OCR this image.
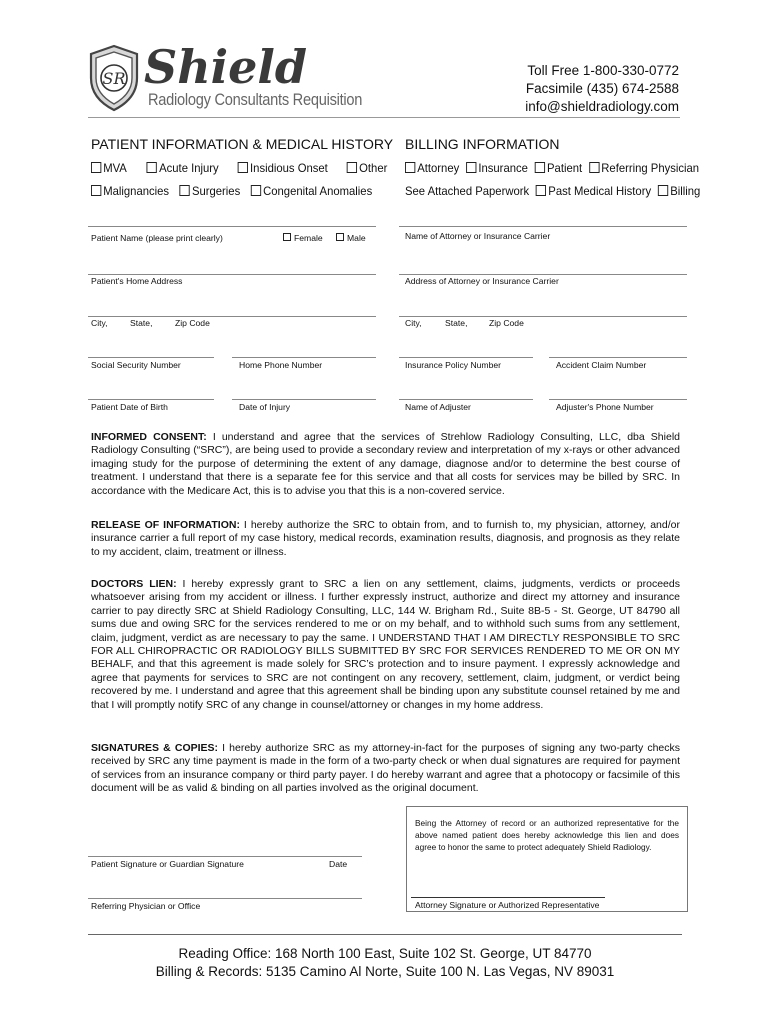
SR Shield
Radiology Consultants Requisition
Toll Free 1-800-330-0772
Facsimile (435) 674-2588
info@shieldradiology.com
PATIENT INFORMATION & MEDICAL HISTORY BILLING INFORMATION
MVA	Acute Injury	Insidious Onset	Other
Malignancies Surgeries Congenital Anomalies
Attorney Insurance Patient Referring Physician
See Attached Paperwork Past Medical History Billing
Patient Name (please print clearly)	Female	Male
Patient's Home Address
City,	State,	Zip Code
Social Security Number	Home Phone Number
Patient Date of Birth	Date of Injury
Name of Attorney or Insurance Carrier
Address of Attorney or Insurance Carrier
City,	State,	Zip Code
Insurance Policy Number	Accident Claim Number
Name of Adjuster	Adjuster's Phone Number
INFORMED CONSENT: I understand and agree that the services of Strehlow Radiology Consulting, LLC, dba Shield Radiology Consulting (“SRC”), are being used to provide a secondary review and interpretation of my x-rays or other advanced imaging study for the purpose of determining the extent of any damage, diagnose and/or to determine the best course of treatment. I understand that there is a separate fee for this service and that all costs for services may be billed by SRC. In accordance with the Medicare Act, this is to advise you that this is a non-covered service.
RELEASE OF INFORMATION: I hereby authorize the SRC to obtain from, and to furnish to, my physician, attorney, and/or insurance carrier a full report of my case history, medical records, examination results, diagnosis, and prognosis as they relate to my accident, claim, treatment or illness.
DOCTORS LIEN: I hereby expressly grant to SRC a lien on any settlement, claims, judgments, verdicts or proceeds whatsoever arising from my accident or illness. I further expressly instruct, authorize and direct my attorney and insurance carrier to pay directly SRC at Shield Radiology Consulting, LLC, 144 W. Brigham Rd., Suite 8B-5 - St. George, UT 84790 all sums due and owing SRC for the services rendered to me or on my behalf, and to withhold such sums from any settlement, claim, judgment, verdict as are necessary to pay the same. I UNDERSTAND THAT I AM DIRECTLY RESPONSIBLE TO SRC FOR ALL CHIROPRACTIC OR RADIOLOGY BILLS SUBMITTED BY SRC FOR SERVICES RENDERED TO ME OR ON MY BEHALF, and that this agreement is made solely for SRC’s protection and to insure payment. I expressly acknowledge and agree that payments for services to SRC are not contingent on any recovery, settlement, claim, judgment, or verdict being recovered by me. I understand and agree that this agreement shall be binding upon any substitute counsel retained by me and that I will promptly notify SRC of any change in counsel/attorney or changes in my home address.
SIGNATURES & COPIES: I hereby authorize SRC as my attorney-in-fact for the purposes of signing any two-party checks received by SRC any time payment is made in the form of a two-party check or when dual signatures are required for payment of services from an insurance company or third party payer. I do hereby warrant and agree that a photocopy or facsimile of this document will be as valid & binding on all parties involved as the original document.
Patient Signature or Guardian Signature	Date
Referring Physician or Office
Being the Attorney of record or an authorized representative for the above named patient does hereby acknowledge this lien and does agree to honor the same to protect adequately Shield Radiology.
Attorney Signature or Authorized Representative
Reading Office: 168 North 100 East, Suite 102 St. George, UT 84770
Billing & Records: 5135 Camino Al Norte, Suite 100 N. Las Vegas, NV 89031
